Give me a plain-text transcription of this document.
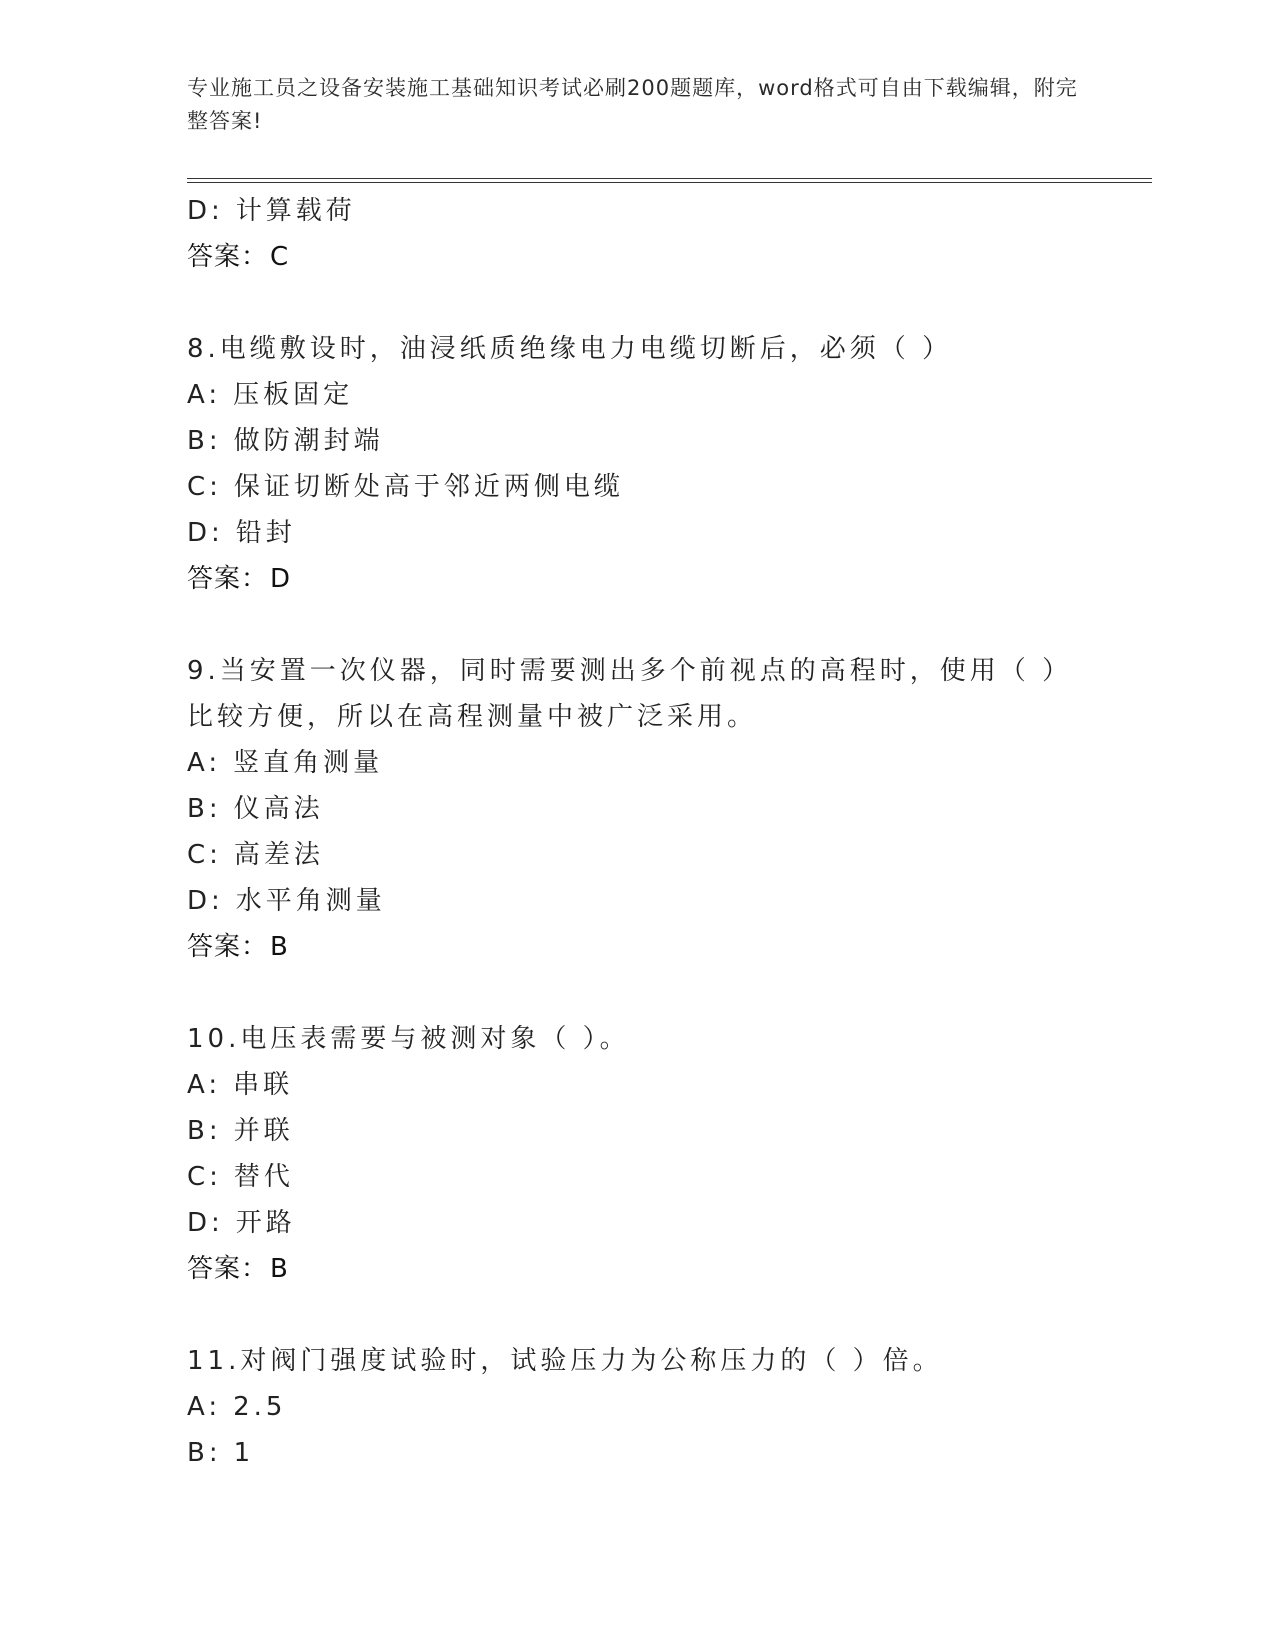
专业施工员之设备安装施工基础知识考试必刷200题题库，word格式可自由下载编辑，附完整答案!
D: 计算载荷
答案：C
8.电缆敷设时，油浸纸质绝缘电力电缆切断后，必须（ ）
A: 压板固定
B: 做防潮封端
C: 保证切断处高于邻近两侧电缆
D: 铅封
答案：D
9.当安置一次仪器，同时需要测出多个前视点的高程时，使用（ ）比较方便，所以在高程测量中被广泛采用。
A: 竖直角测量
B: 仪高法
C: 高差法
D: 水平角测量
答案：B
10.电压表需要与被测对象（ ）。
A: 串联
B: 并联
C: 替代
D: 开路
答案：B
11.对阀门强度试验时，试验压力为公称压力的（ ）倍。
A: 2.5
B: 1
